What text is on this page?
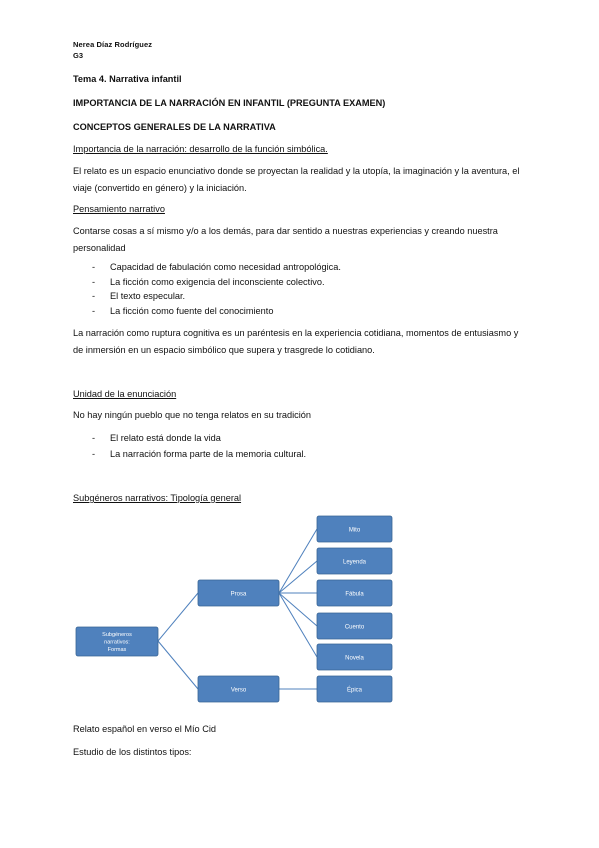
Nerea Díaz Rodríguez
G3
Tema 4. Narrativa infantil
IMPORTANCIA DE LA NARRACIÓN EN INFANTIL (PREGUNTA EXAMEN)
CONCEPTOS GENERALES DE LA NARRATIVA
Importancia de la narración: desarrollo de la función simbólica.
El relato es un espacio enunciativo donde se proyectan la realidad y la utopía, la imaginación y la aventura, el viaje (convertido en género) y la iniciación.
Pensamiento narrativo
Contarse cosas a sí mismo y/o a los demás, para dar sentido a nuestras experiencias y creando nuestra personalidad
- Capacidad de fabulación como necesidad antropológica.
- La ficción como exigencia del inconsciente colectivo.
- El texto especular.
- La ficción como fuente del conocimiento
La narración como ruptura cognitiva es un paréntesis en la experiencia cotidiana, momentos de entusiasmo y de inmersión en un espacio simbólico que supera y trasgrede lo cotidiano.
Unidad de la enunciación
No hay ningún pueblo que no tenga relatos en su tradición
- El relato está donde la vida
- La narración forma parte de la memoria cultural.
Subgéneros narrativos: Tipología general
Subgéneros
narrativos:
Formas
Prosa
Verso
Mito
Leyenda
Fábula
Cuento
Novela
Épica
Relato español en verso el Mío Cid
Estudio de los distintos tipos:
